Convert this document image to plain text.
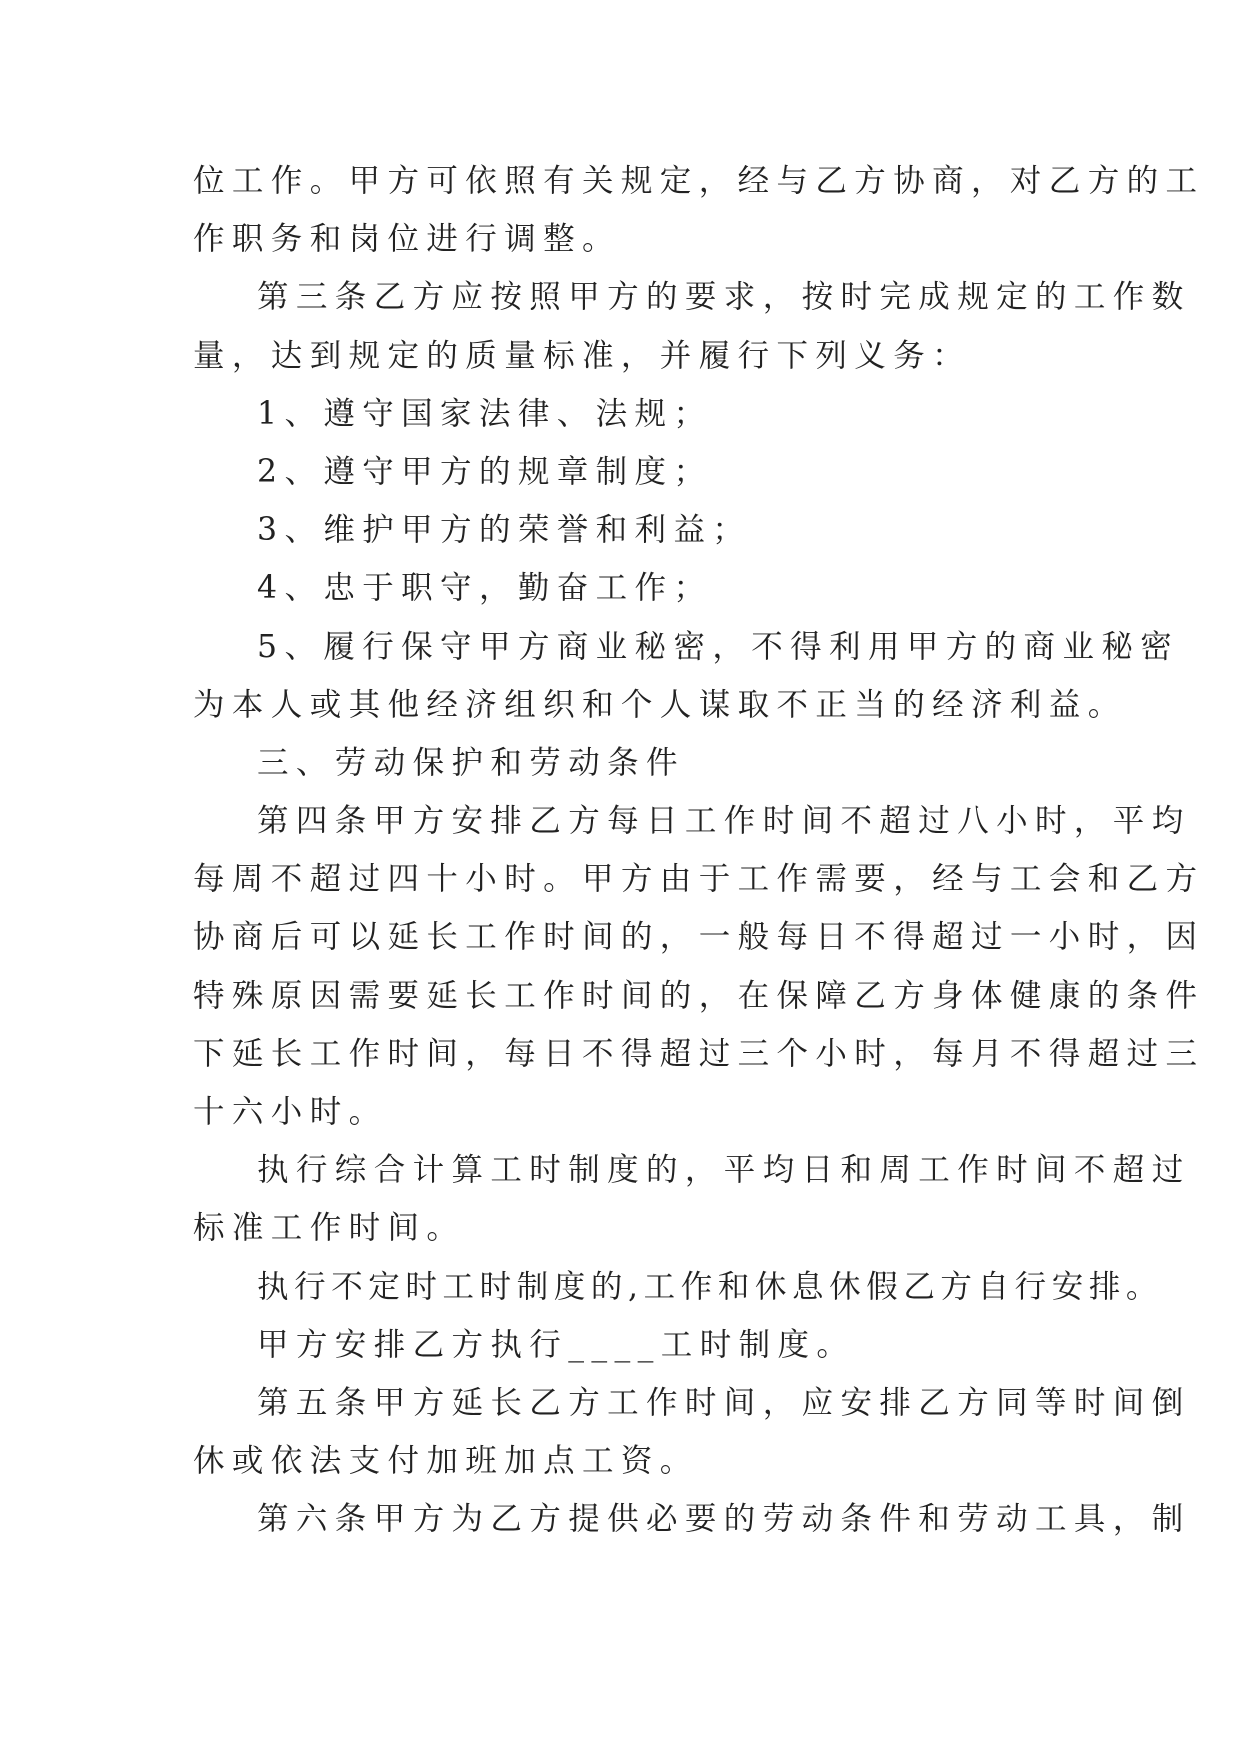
位工作。甲方可依照有关规定，经与乙方协商，对乙方的工
作职务和岗位进行调整。
第三条乙方应按照甲方的要求，按时完成规定的工作数
量，达到规定的质量标准，并履行下列义务：
1、遵守国家法律、法规；
2、遵守甲方的规章制度；
3、维护甲方的荣誉和利益；
4、忠于职守，勤奋工作；
5、履行保守甲方商业秘密，不得利用甲方的商业秘密
为本人或其他经济组织和个人谋取不正当的经济利益。
三、劳动保护和劳动条件
第四条甲方安排乙方每日工作时间不超过八小时，平均
每周不超过四十小时。甲方由于工作需要，经与工会和乙方
协商后可以延长工作时间的，一般每日不得超过一小时，因
特殊原因需要延长工作时间的，在保障乙方身体健康的条件
下延长工作时间，每日不得超过三个小时，每月不得超过三
十六小时。
执行综合计算工时制度的，平均日和周工作时间不超过
标准工作时间。
执行不定时工时制度的,工作和休息休假乙方自行安排。
甲方安排乙方执行____工时制度。
第五条甲方延长乙方工作时间，应安排乙方同等时间倒
休或依法支付加班加点工资。
第六条甲方为乙方提供必要的劳动条件和劳动工具，制
